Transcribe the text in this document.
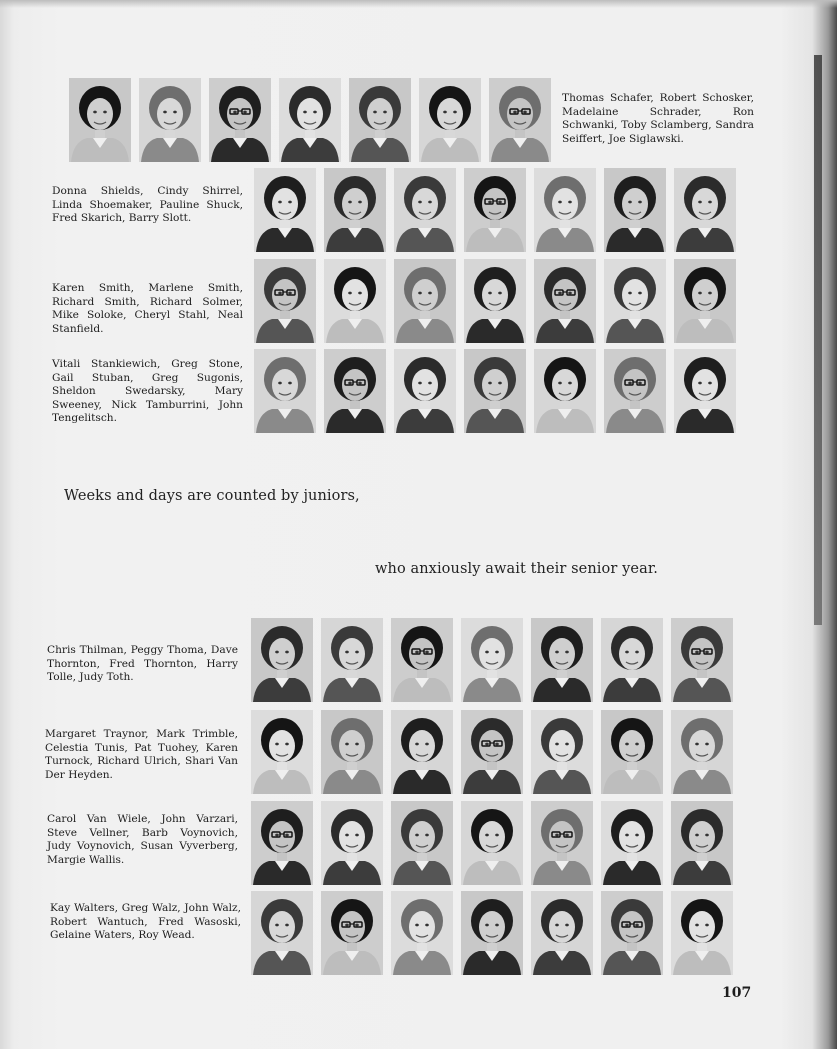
Thomas Schafer, Robert Schosker, Madelaine Schrader, Ron Schwanki, Toby Sclamberg, Sandra Seiffert, Joe Siglawski.
Donna Shields, Cindy Shirrel, Linda Shoemaker, Pauline Shuck, Fred Skarich, Barry Slott.
Karen Smith, Marlene Smith, Richard Smith, Richard Solmer, Mike Soloke, Cheryl Stahl, Neal Stanfield.
Vitali Stankiewich, Greg Stone, Gail Stuban, Greg Sugonis, Sheldon Swedarsky, Mary Sweeney, Nick Tamburrini, John Tengelitsch.
Weeks and days are counted by juniors,
who anxiously await their senior year.
Chris Thilman, Peggy Thoma, Dave Thornton, Fred Thornton, Harry Tolle, Judy Toth.
Margaret Traynor, Mark Trimble, Celestia Tunis, Pat Tuohey, Karen Turnock, Richard Ulrich, Shari Van Der Heyden.
Carol Van Wiele, John Varzari, Steve Vellner, Barb Voynovich, Judy Voynovich, Susan Vyverberg, Margie Wallis.
Kay Walters, Greg Walz, John Walz, Robert Wantuch, Fred Wasoski, Gelaine Waters, Roy Wead.
107
